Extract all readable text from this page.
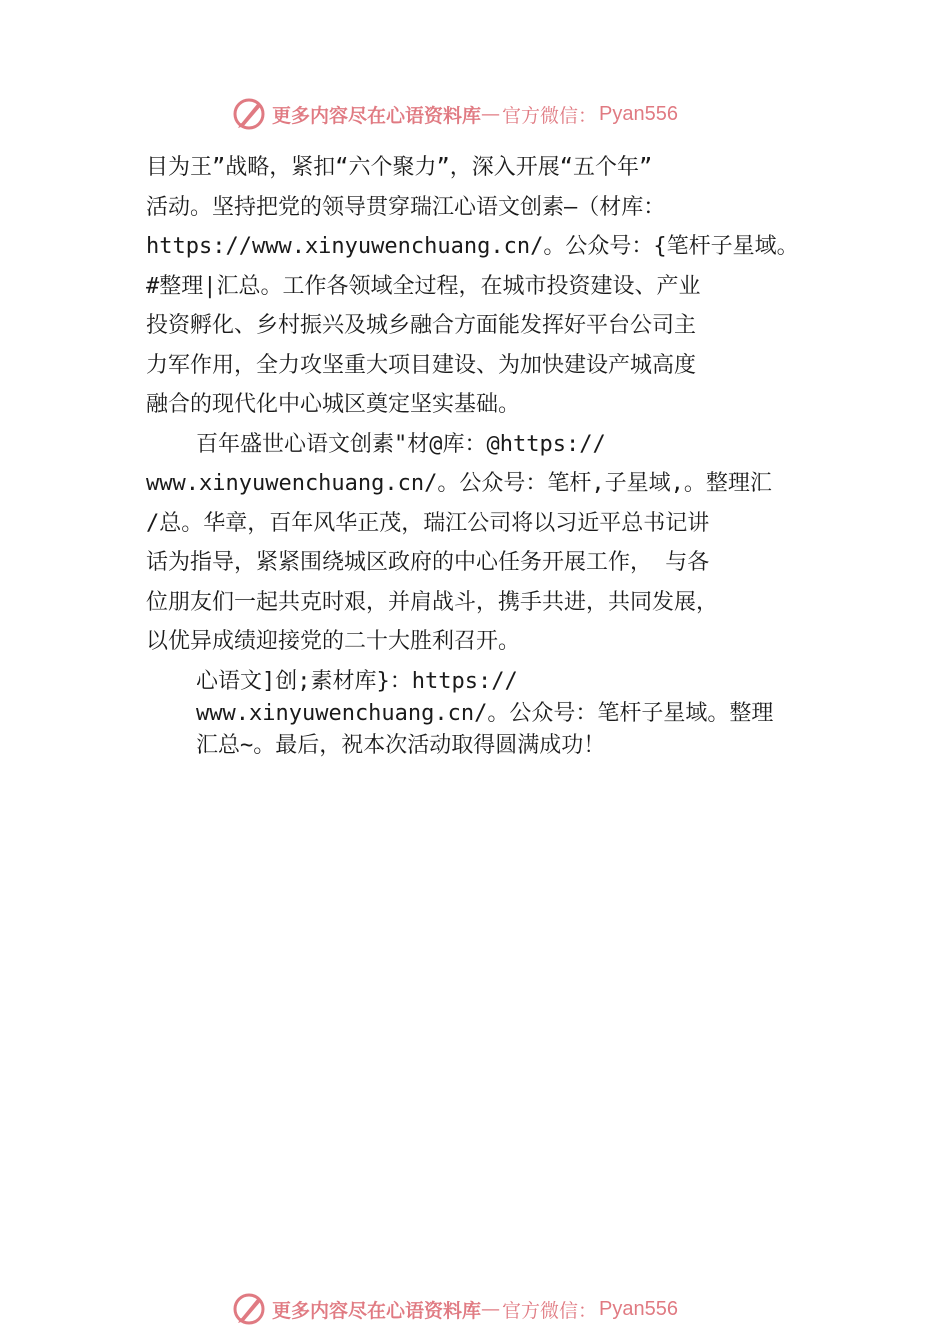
更多内容尽在心语资料库 — 官方微信： Pyan556
目为王”战略，紧扣“六个聚力”，深入开展“五个年”
活动。坚持把党的领导贯穿瑞江心语文创素—（材库：
https://www.xinyuwenchuang.cn/。公众号：{笔杆子星域。
#整理|汇总。工作各领域全过程，在城市投资建设、产业
投资孵化、乡村振兴及城乡融合方面能发挥好平台公司主
力军作用，全力攻坚重大项目建设、为加快建设产城高度
融合的现代化中心城区奠定坚实基础。
百年盛世心语文创素"材@库：@https://
www.xinyuwenchuang.cn/。公众号：笔杆,子星域,。整理汇
/总。华章，百年风华正茂，瑞江公司将以习近平总书记讲
话为指导，紧紧围绕城区政府的中心任务开展工作， 与各
位朋友们一起共克时艰，并肩战斗，携手共进，共同发展，
以优异成绩迎接党的二十大胜利召开。
心语文]创;素材库}：https://
www.xinyuwenchuang.cn/。公众号：笔杆子星域。整理
汇总~。最后，祝本次活动取得圆满成功！
更多内容尽在心语资料库 — 官方微信： Pyan556
